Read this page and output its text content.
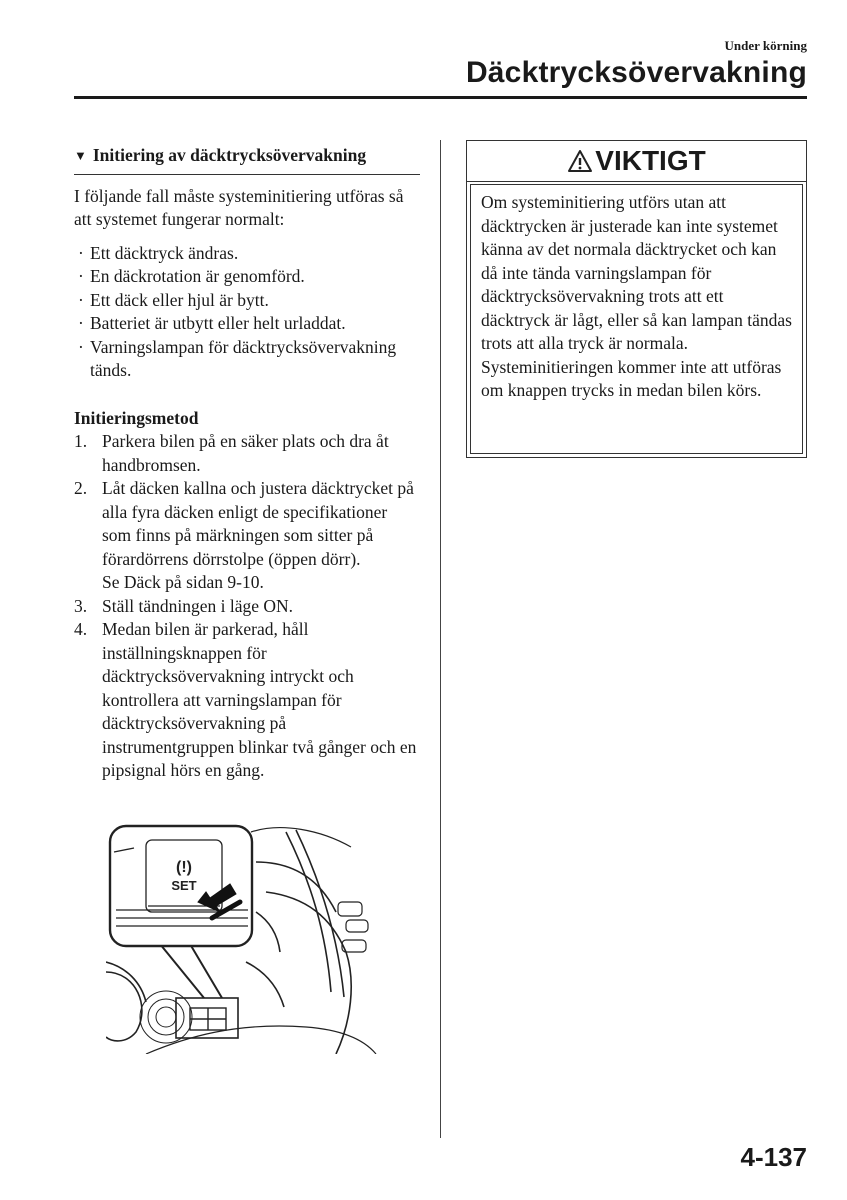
Under körning
Däcktrycksövervakning
▼ Initiering av däcktrycksövervakning

I följande fall måste systeminitiering utföras så att systemet fungerar normalt:

· Ett däcktryck ändras.
· En däckrotation är genomförd.
· Ett däck eller hjul är bytt.
· Batteriet är utbytt eller helt urladdat.
· Varningslampan för däcktrycksövervakning tänds.
Initieringsmetod
1. Parkera bilen på en säker plats och dra åt handbromsen.
2. Låt däcken kallna och justera däcktrycket på alla fyra däcken enligt de specifikationer som finns på märkningen som sitter på förardörrens dörrstolpe (öppen dörr).
Se Däck på sidan 9-10.
3. Ställ tändningen i läge ON.
4. Medan bilen är parkerad, håll inställningsknappen för däcktrycksövervakning intryckt och kontrollera att varningslampan för däcktrycksövervakning på instrumentgruppen blinkar två gånger och en pipsignal hörs en gång.
(!)
SET
VIKTIGT
Om systeminitiering utförs utan att däcktrycken är justerade kan inte systemet känna av det normala däcktrycket och kan då inte tända varningslampan för däcktrycksövervakning trots att ett däcktryck är lågt, eller så kan lampan tändas trots att alla tryck är normala. Systeminitieringen kommer inte att utföras om knappen trycks in medan bilen körs.
4-137
